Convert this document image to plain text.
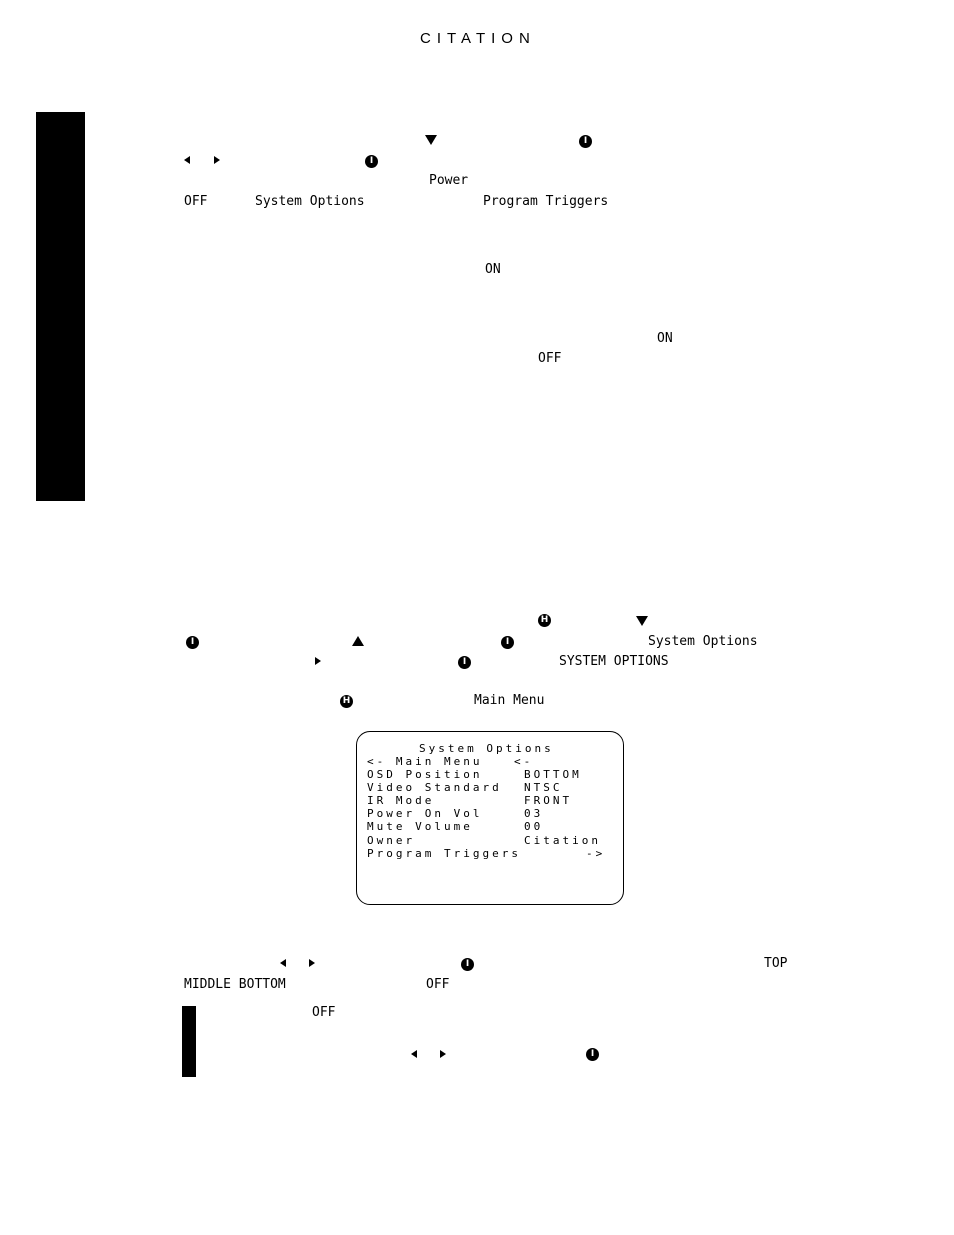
CITATION
I
I
Power
OFF	System Options	Program Triggers
ON
ON
OFF
H
I	I	System Options
I	SYSTEM OPTIONS
H	Main Menu
System Options
<- Main Menu	<-
OSD Position	BOTTOM
Video Standard NTSC
IR Mode	FRONT
Power On Vol	03
Mute Volume	00
Owner	Citation
Program Triggers	->
I	TOP
MIDDLE BOTTOM	OFF
OFF
I
